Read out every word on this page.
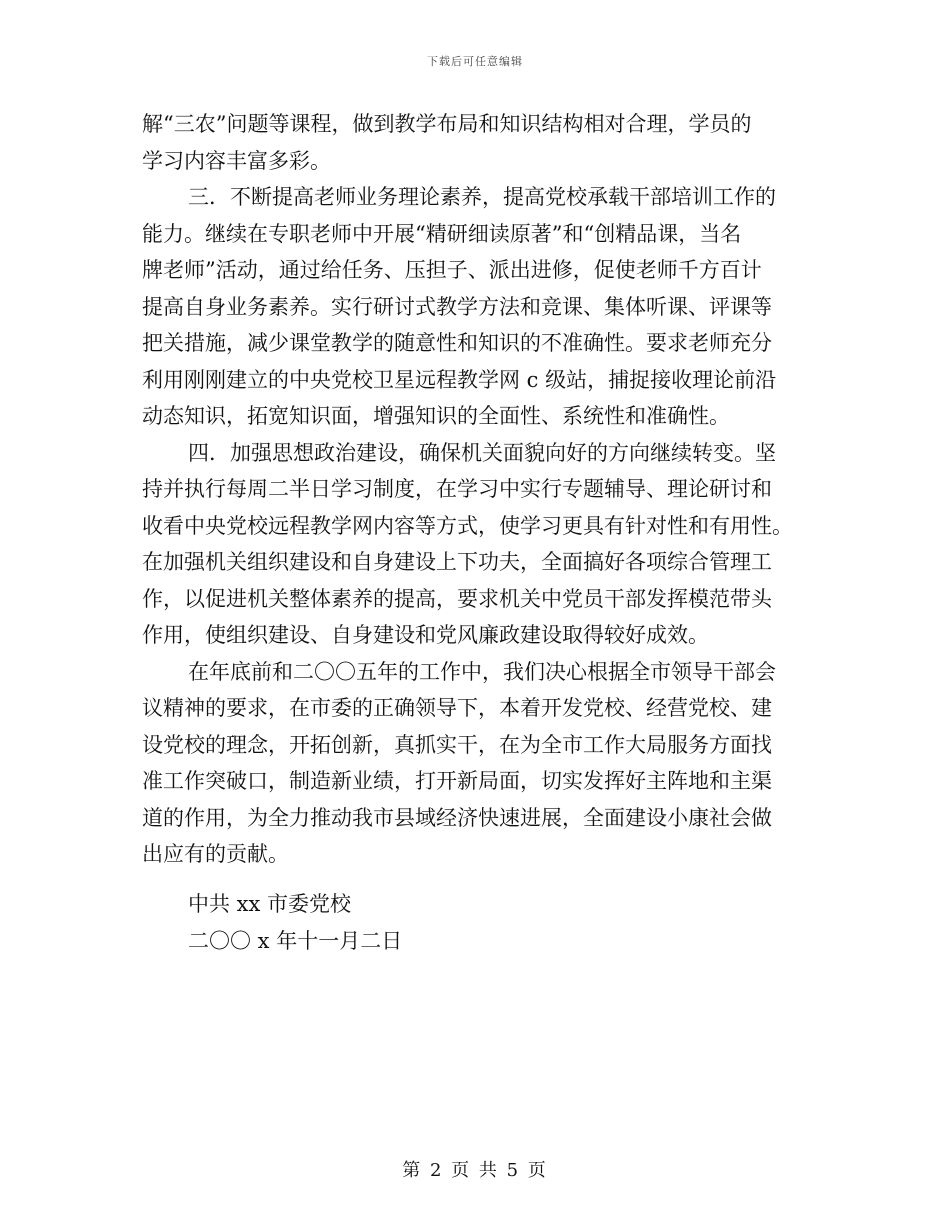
下载后可任意编辑
解“三农”问题等课程，做到教学布局和知识结构相对合理，学员的
学习内容丰富多彩。
三．不断提高老师业务理论素养，提高党校承载干部培训工作的
能力。继续在专职老师中开展“精研细读原著”和“创精品课，当名
牌老师”活动，通过给任务、压担子、派出进修，促使老师千方百计
提高自身业务素养。实行研讨式教学方法和竞课、集体听课、评课等
把关措施，减少课堂教学的随意性和知识的不准确性。要求老师充分
利用刚刚建立的中央党校卫星远程教学网 c 级站，捕捉接收理论前沿
动态知识，拓宽知识面，增强知识的全面性、系统性和准确性。
四．加强思想政治建设，确保机关面貌向好的方向继续转变。坚
持并执行每周二半日学习制度，在学习中实行专题辅导、理论研讨和
收看中央党校远程教学网内容等方式，使学习更具有针对性和有用性。
在加强机关组织建设和自身建设上下功夫，全面搞好各项综合管理工
作，以促进机关整体素养的提高，要求机关中党员干部发挥模范带头
作用，使组织建设、自身建设和党风廉政建设取得较好成效。
在年底前和二〇〇五年的工作中，我们决心根据全市领导干部会
议精神的要求，在市委的正确领导下，本着开发党校、经营党校、建
设党校的理念，开拓创新，真抓实干，在为全市工作大局服务方面找
准工作突破口，制造新业绩，打开新局面，切实发挥好主阵地和主渠
道的作用，为全力推动我市县域经济快速进展，全面建设小康社会做
出应有的贡献。
中共 xx 市委党校
二〇〇 x 年十一月二日
第 2 页 共 5 页
